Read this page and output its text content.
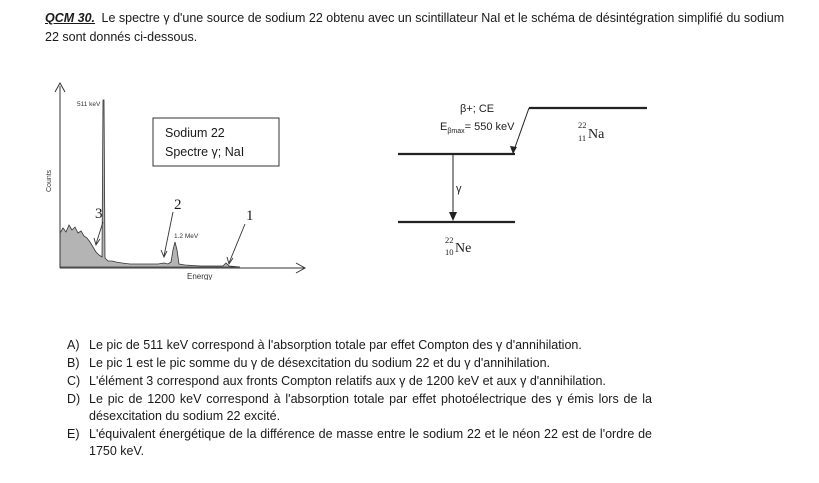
QCM 30. Le spectre γ d'une source de sodium 22 obtenu avec un scintillateur NaI et le schéma de désintégration simplifié du sodium 22 sont donnés ci-dessous.
Counts
Energy
511 keV
1.2 MeV
Sodium 22
Spectre γ; NaI
3
2
1
γ
β+; CE
$E_{\beta max}= 550$ keV	22
11 Na
22
10 Ne
A) Le pic de 511 keV correspond à l'absorption totale par effet Compton des γ d'annihilation.
B) Le pic 1 est le pic somme du γ de désexcitation du sodium 22 et du γ d'annihilation.
C) L'élément 3 correspond aux fronts Compton relatifs aux γ de 1200 keV et aux γ d'annihilation.
D) Le pic de 1200 keV correspond à l'absorption totale par effet photoélectrique des γ émis lors de la désexcitation du sodium 22 excité.
E) L'équivalent énergétique de la différence de masse entre le sodium 22 et le néon 22 est de l'ordre de 1750 keV.
